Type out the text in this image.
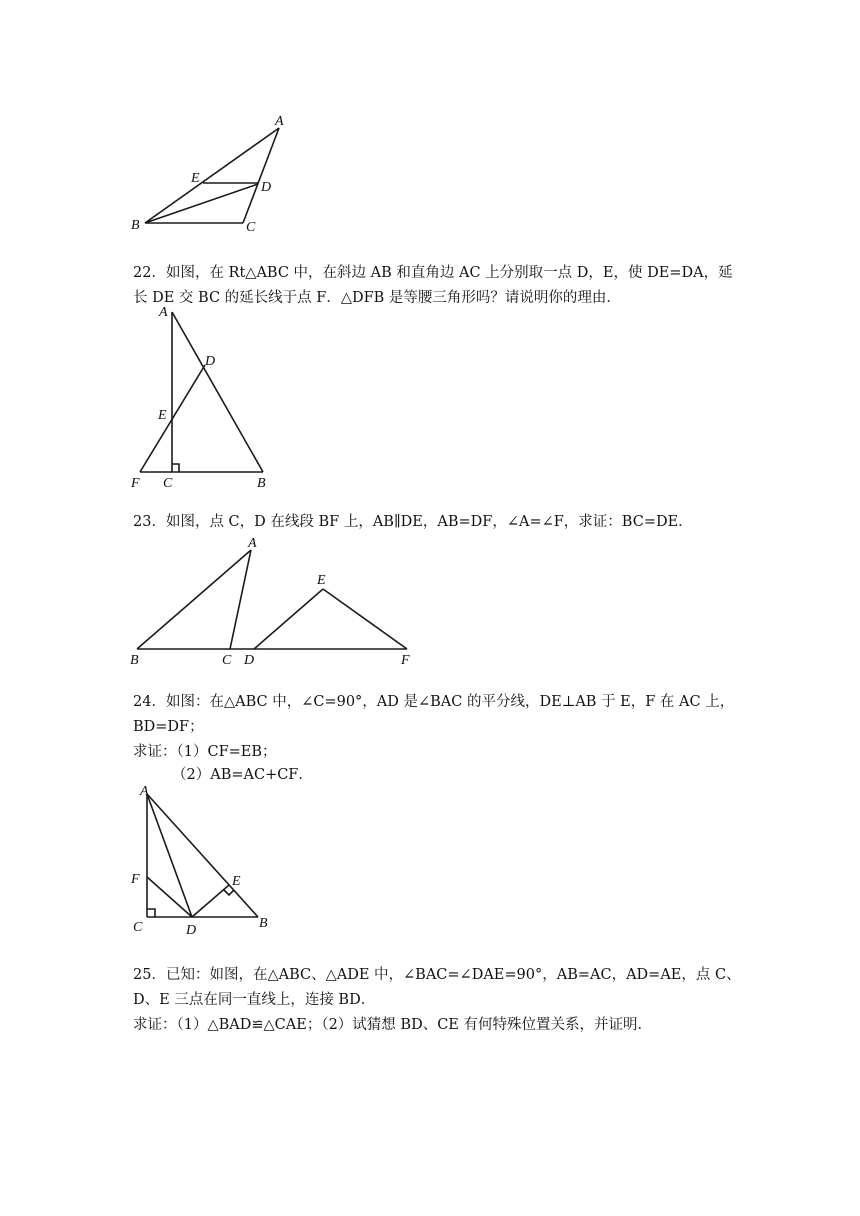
A
E
D
B	C
22．如图，在 Rt△ABC 中，在斜边 AB 和直角边 AC 上分别取一点 D，E，使 DE=DA，延
长 DE 交 BC 的延长线于点 F．△DFB 是等腰三角形吗？请说明你的理由．
A
D
E
F C	B
23．如图，点 C，D 在线段 BF 上，AB∥DE，AB=DF，∠A=∠F，求证：BC=DE．
A
E
B	C D	F
24．如图：在△ABC 中，∠C=90°，AD 是∠BAC 的平分线，DE⊥AB 于 E，F 在 AC 上，
BD=DF；
求证：（1）CF=EB；
（2）AB=AC+CF．
A
F	E
C	D	B
25．已知：如图，在△ABC、△ADE 中，∠BAC=∠DAE=90°，AB=AC，AD=AE，点 C、
D、E 三点在同一直线上，连接 BD．
求证：（1）△BAD≌△CAE；（2）试猜想 BD、CE 有何特殊位置关系，并证明．
